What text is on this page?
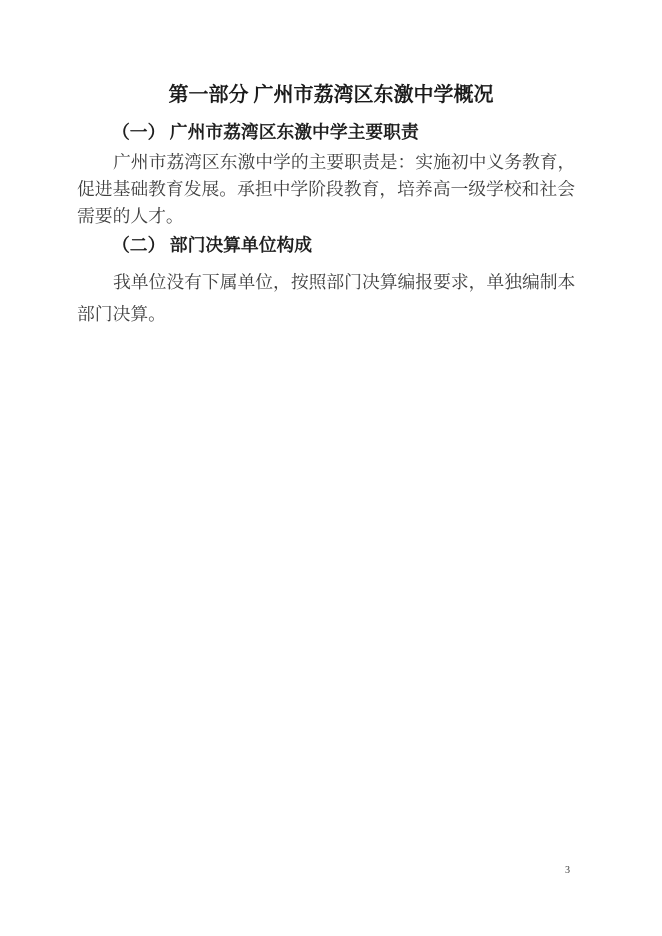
第一部分 广州市荔湾区东激中学概况
（一） 广州市荔湾区东激中学主要职责
广州市荔湾区东激中学的主要职责是：实施初中义务教育，
促进基础教育发展。承担中学阶段教育，培养高一级学校和社会
需要的人才。
（二） 部门决算单位构成
我单位没有下属单位，按照部门决算编报要求，单独编制本
部门决算。
3
